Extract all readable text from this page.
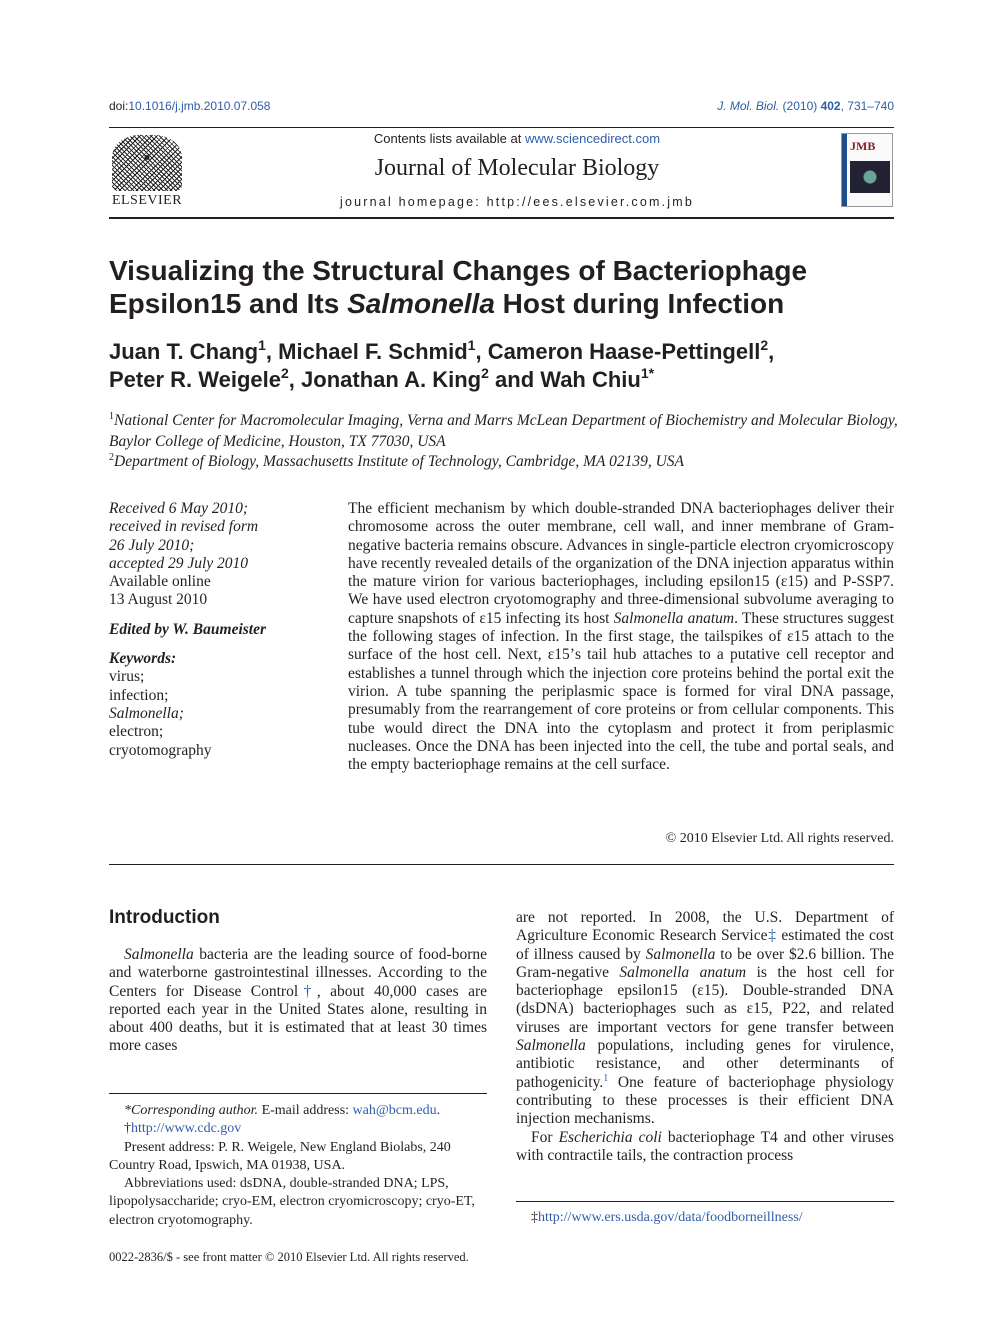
doi:10.1016/j.jmb.2010.07.058	J. Mol. Biol. (2010) 402, 731–740
ELSEVIER
Contents lists available at www.sciencedirect.com
Journal of Molecular Biology
journal homepage: http://ees.elsevier.com.jmb
JMB
Visualizing the Structural Changes of Bacteriophage Epsilon15 and Its Salmonella Host during Infection
Juan T. Chang$^1$, Michael F. Schmid$^1$, Cameron Haase-Pettingell$^2$,
Peter R. Weigele$^2$, Jonathan A. King$^2$ and Wah Chiu$^{1*}$
$^1$National Center for Macromolecular Imaging, Verna and Marrs McLean Department of Biochemistry and Molecular Biology, Baylor College of Medicine, Houston, TX 77030, USA
$^2$Department of Biology, Massachusetts Institute of Technology, Cambridge, MA 02139, USA
Received 6 May 2010;
received in revised form
26 July 2010;
accepted 29 July 2010
Available online
13 August 2010
Edited by W. Baumeister
Keywords:
virus;
infection;
Salmonella;
electron;
cryotomography
The efficient mechanism by which double-stranded DNA bacteriophages deliver their chromosome across the outer membrane, cell wall, and inner membrane of Gram-negative bacteria remains obscure. Advances in single-particle electron cryomicroscopy have recently revealed details of the organization of the DNA injection apparatus within the mature virion for various bacteriophages, including epsilon15 (ε15) and P-SSP7. We have used electron cryotomography and three-dimensional subvolume averaging to capture snapshots of ε15 infecting its host Salmonella anatum. These structures suggest the following stages of infection. In the first stage, the tailspikes of ε15 attach to the surface of the host cell. Next, ε15’s tail hub attaches to a putative cell receptor and establishes a tunnel through which the injection core proteins behind the portal exit the virion. A tube spanning the periplasmic space is formed for viral DNA passage, presumably from the rearrangement of core proteins or from cellular components. This tube would direct the DNA into the cytoplasm and protect it from periplasmic nucleases. Once the DNA has been injected into the cell, the tube and portal seals, and the empty bacteriophage remains at the cell surface.
© 2010 Elsevier Ltd. All rights reserved.
Introduction
Salmonella bacteria are the leading source of food-borne and waterborne gastrointestinal illnesses. According to the Centers for Disease Control†, about 40,000 cases are reported each year in the United States alone, resulting in about 400 deaths, but it is estimated that at least 30 times more cases

are not reported. In 2008, the U.S. Department of Agriculture Economic Research Service‡ estimated the cost of illness caused by Salmonella to be over $2.6 billion. The Gram-negative Salmonella anatum is the host cell for bacteriophage epsilon15 (ε15). Double-stranded DNA (dsDNA) bacteriophages such as ε15, P22, and related viruses are important vectors for gene transfer between Salmonella populations, including genes for virulence, antibiotic resistance, and other determinants of pathogenicity.$^1$ One feature of bacteriophage physiology contributing to these processes is their efficient DNA injection mechanisms.

For Escherichia coli bacteriophage T4 and other viruses with contractile tails, the contraction process

*Corresponding author. E-mail address: wah@bcm.edu.

†http://www.cdc.gov

Present address: P. R. Weigele, New England Biolabs, 240 Country Road, Ipswich, MA 01938, USA.

Abbreviations used: dsDNA, double-stranded DNA; LPS, lipopolysaccharide; cryo-EM, electron cryomicroscopy; cryo-ET, electron cryotomography.	‡http://www.ers.usda.gov/data/foodborneillness/
0022-2836/$ - see front matter © 2010 Elsevier Ltd. All rights reserved.
